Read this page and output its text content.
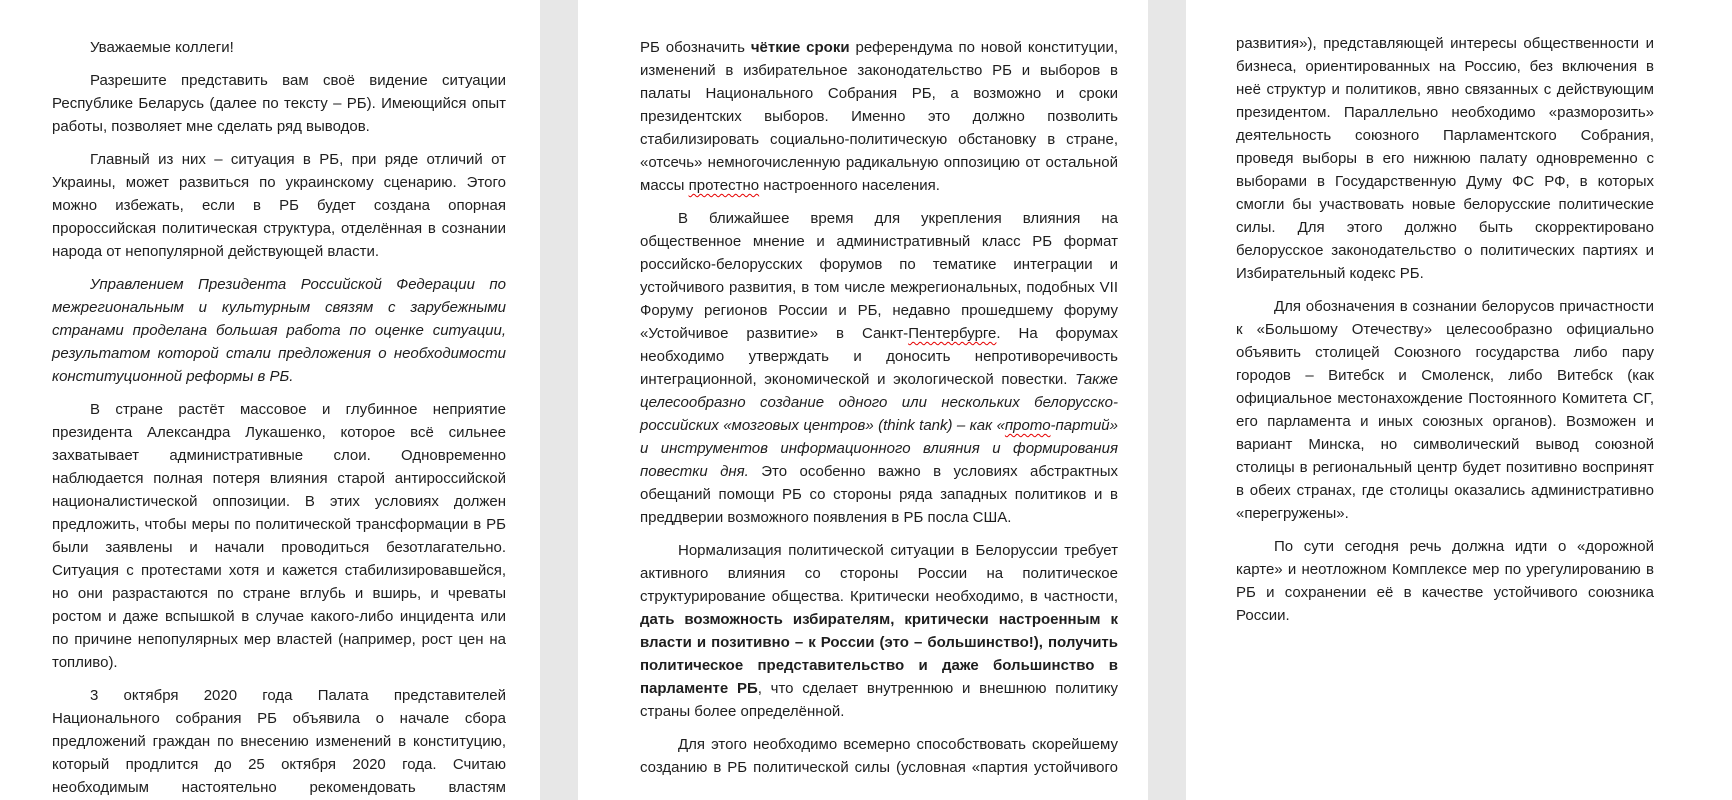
Уважаемые коллеги!

Разрешите представить вам своё видение ситуации Республике Беларусь (далее по тексту – РБ). Имеющийся опыт работы, позволяет мне сделать ряд выводов.

Главный из них – ситуация в РБ, при ряде отличий от Украины, может развиться по украинскому сценарию. Этого можно избежать, если в РБ будет создана опорная пророссийская политическая структура, отделённая в сознании народа от непопулярной действующей власти.

Управлением Президента Российской Федерации по межрегиональным и культурным связям с зарубежными странами проделана большая работа по оценке ситуации, результатом которой стали предложения о необходимости конституционной реформы в РБ.

В стране растёт массовое и глубинное неприятие президента Александра Лукашенко, которое всё сильнее захватывает административные слои. Одновременно наблюдается полная потеря влияния старой антироссийской националистической оппозиции. В этих условиях должен предложить, чтобы меры по политической трансформации в РБ были заявлены и начали проводиться безотлагательно. Ситуация с протестами хотя и кажется стабилизировавшейся, но они разрастаются по стране вглубь и вширь, и чреваты ростом и даже вспышкой в случае какого-либо инцидента или по причине непопулярных мер властей (например, рост цен на топливо).

3 октября 2020 года Палата представителей Национального собрания РБ объявила о начале сбора предложений граждан по внесению изменений в конституцию, который продлится до 25 октября 2020 года. Считаю необходимым настоятельно рекомендовать властям

РБ обозначить чёткие сроки референдума по новой конституции, изменений в избирательное законодательство РБ и выборов в палаты Национального Собрания РБ, а возможно и сроки президентских выборов. Именно это должно позволить стабилизировать социально-политическую обстановку в стране, «отсечь» немногочисленную радикальную оппозицию от остальной массы протестно настроенного населения.

В ближайшее время для укрепления влияния на общественное мнение и административный класс РБ формат российско-белорусских форумов по тематике интеграции и устойчивого развития, в том числе межрегиональных, подобных VII Форуму регионов России и РБ, недавно прошедшему форуму «Устойчивое развитие» в Санкт-Пентербурге. На форумах необходимо утверждать и доносить непротиворечивость интеграционной, экономической и экологической повестки. Также целесообразно создание одного или нескольких белорусско-российских «мозговых центров» (think tank) – как «прото-партий» и инструментов информационного влияния и формирования повестки дня. Это особенно важно в условиях абстрактных обещаний помощи РБ со стороны ряда западных политиков и в преддверии возможного появления в РБ посла США.

Нормализация политической ситуации в Белоруссии требует активного влияния со стороны России на политическое структурирование общества. Критически необходимо, в частности, дать возможность избирателям, критически настроенным к власти и позитивно – к России (это – большинство!), получить политическое представительство и даже большинство в парламенте РБ, что сделает внутреннюю и внешнюю политику страны более определённой.

Для этого необходимо всемерно способствовать скорейшему созданию в РБ политической силы (условная «партия устойчивого

развития»), представляющей интересы общественности и бизнеса, ориентированных на Россию, без включения в неё структур и политиков, явно связанных с действующим президентом. Параллельно необходимо «разморозить» деятельность союзного Парламентского Собрания, проведя выборы в его нижнюю палату одновременно с выборами в Государственную Думу ФС РФ, в которых смогли бы участвовать новые белорусские политические силы. Для этого должно быть скорректировано белорусское законодательство о политических партиях и Избирательный кодекс РБ.

Для обозначения в сознании белорусов причастности к «Большому Отечеству» целесообразно официально объявить столицей Союзного государства либо пару городов – Витебск и Смоленск, либо Витебск (как официальное местонахождение Постоянного Комитета СГ, его парламента и иных союзных органов). Возможен и вариант Минска, но символический вывод союзной столицы в региональный центр будет позитивно воспринят в обеих странах, где столицы оказались административно «перегружены».

По сути сегодня речь должна идти о «дорожной карте» и неотложном Комплексе мер по урегулированию в РБ и сохранении её в качестве устойчивого союзника России.
